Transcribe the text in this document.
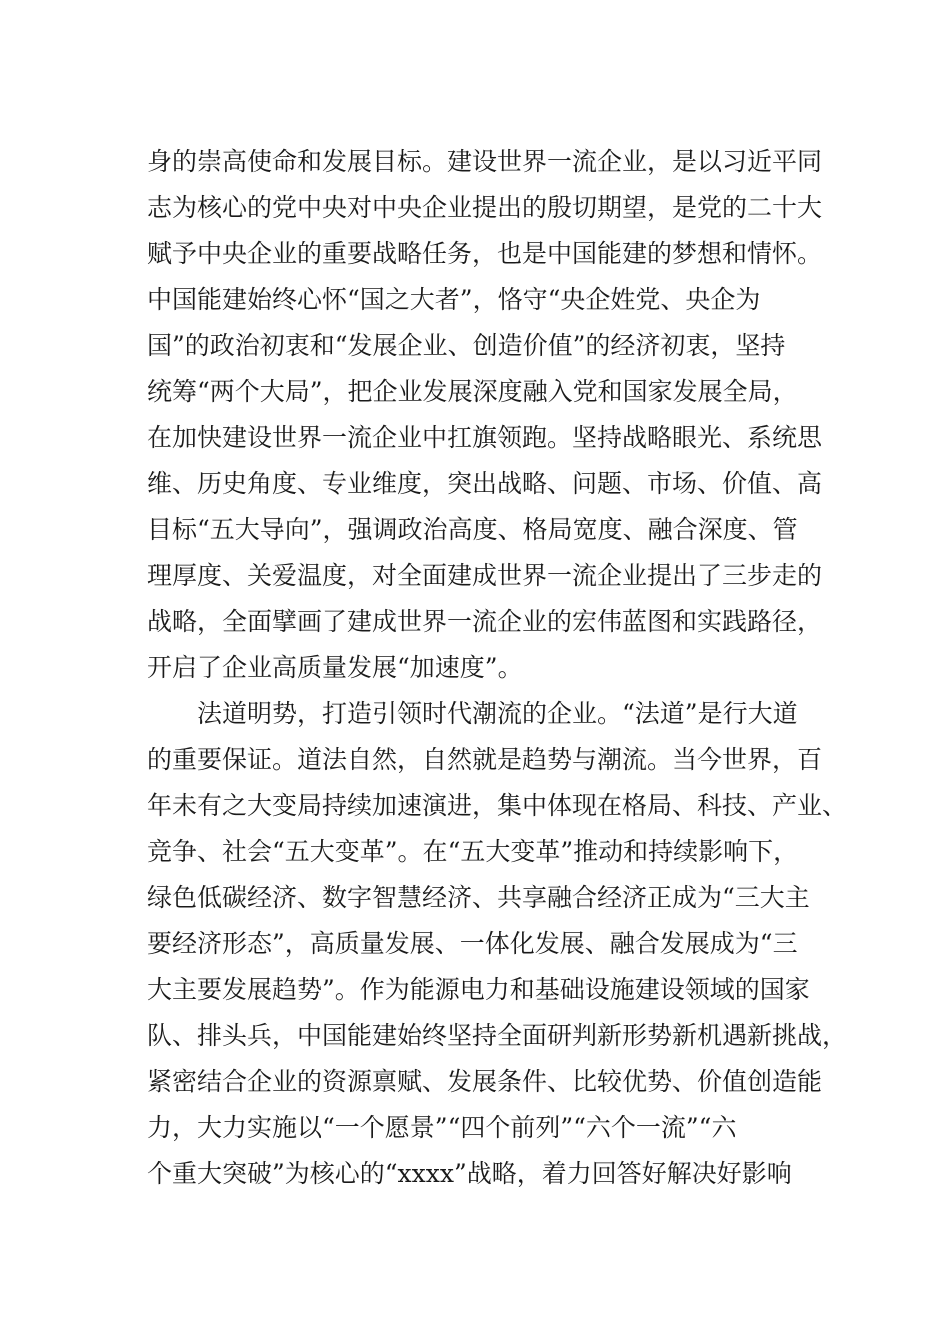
身的崇高使命和发展目标。建设世界一流企业，是以习近平同
志为核心的党中央对中央企业提出的殷切期望，是党的二十大
赋予中央企业的重要战略任务，也是中国能建的梦想和情怀。
中国能建始终心怀“国之大者”，恪守“央企姓党、央企为
国”的政治初衷和“发展企业、创造价值”的经济初衷，坚持
统筹“两个大局”，把企业发展深度融入党和国家发展全局，
在加快建设世界一流企业中扛旗领跑。坚持战略眼光、系统思
维、历史角度、专业维度，突出战略、问题、市场、价值、高
目标“五大导向”，强调政治高度、格局宽度、融合深度、管
理厚度、关爱温度，对全面建成世界一流企业提出了三步走的
战略，全面擘画了建成世界一流企业的宏伟蓝图和实践路径，
开启了企业高质量发展“加速度”。
法道明势，打造引领时代潮流的企业。“法道”是行大道
的重要保证。道法自然，自然就是趋势与潮流。当今世界，百
年未有之大变局持续加速演进，集中体现在格局、科技、产业、
竞争、社会“五大变革”。在“五大变革”推动和持续影响下，
绿色低碳经济、数字智慧经济、共享融合经济正成为“三大主
要经济形态”，高质量发展、一体化发展、融合发展成为“三
大主要发展趋势”。作为能源电力和基础设施建设领域的国家
队、排头兵，中国能建始终坚持全面研判新形势新机遇新挑战，
紧密结合企业的资源禀赋、发展条件、比较优势、价值创造能
力，大力实施以“一个愿景”“四个前列”“六个一流”“六
个重大突破”为核心的“xxxx”战略，着力回答好解决好影响
